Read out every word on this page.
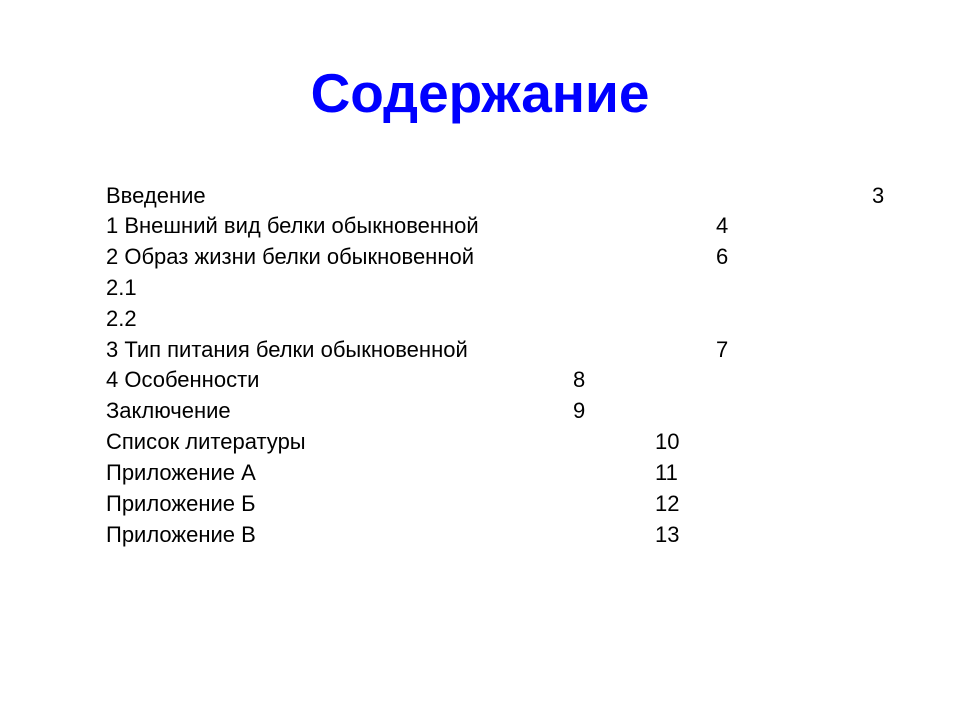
Содержание
Введение	3
1 Внешний вид белки обыкновенной	4
2 Образ жизни белки обыкновенной	6
2.1
2.2
3 Тип питания белки обыкновенной	7
4 Особенности	8
Заключение	9
Список литературы	10
Приложение А	11
Приложение Б	12
Приложение В	13
